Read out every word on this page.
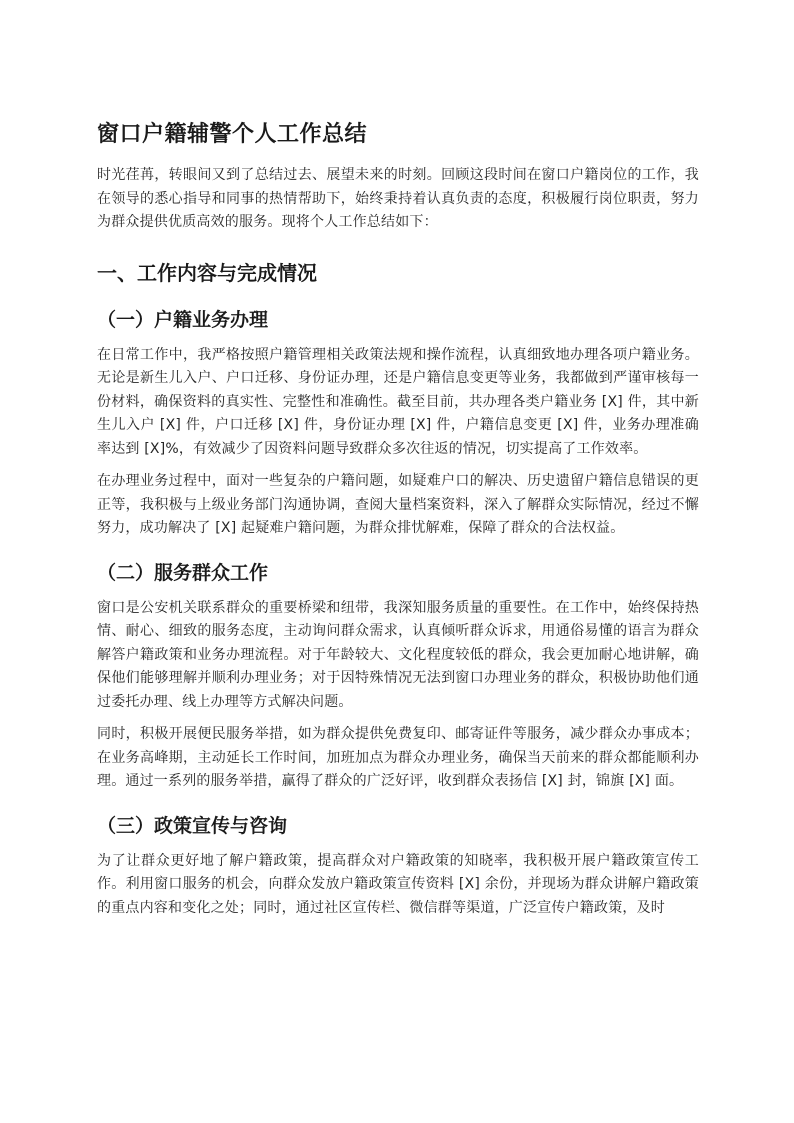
窗口户籍辅警个人工作总结

时光荏苒，转眼间又到了总结过去、展望未来的时刻。回顾这段时间在窗口户籍岗位的工作，我在领导的悉心指导和同事的热情帮助下，始终秉持着认真负责的态度，积极履行岗位职责，努力为群众提供优质高效的服务。现将个人工作总结如下：

一、工作内容与完成情况
（一）户籍业务办理

在日常工作中，我严格按照户籍管理相关政策法规和操作流程，认真细致地办理各项户籍业务。无论是新生儿入户、户口迁移、身份证办理，还是户籍信息变更等业务，我都做到严谨审核每一份材料，确保资料的真实性、完整性和准确性。截至目前，共办理各类户籍业务 [X] 件，其中新生儿入户 [X] 件，户口迁移 [X] 件，身份证办理 [X] 件，户籍信息变更 [X] 件，业务办理准确率达到 [X]%，有效减少了因资料问题导致群众多次往返的情况，切实提高了工作效率。

在办理业务过程中，面对一些复杂的户籍问题，如疑难户口的解决、历史遗留户籍信息错误的更正等，我积极与上级业务部门沟通协调，查阅大量档案资料，深入了解群众实际情况，经过不懈努力，成功解决了 [X] 起疑难户籍问题，为群众排忧解难，保障了群众的合法权益。

（二）服务群众工作

窗口是公安机关联系群众的重要桥梁和纽带，我深知服务质量的重要性。在工作中，始终保持热情、耐心、细致的服务态度，主动询问群众需求，认真倾听群众诉求，用通俗易懂的语言为群众解答户籍政策和业务办理流程。对于年龄较大、文化程度较低的群众，我会更加耐心地讲解，确保他们能够理解并顺利办理业务；对于因特殊情况无法到窗口办理业务的群众，积极协助他们通过委托办理、线上办理等方式解决问题。

同时，积极开展便民服务举措，如为群众提供免费复印、邮寄证件等服务，减少群众办事成本；在业务高峰期，主动延长工作时间，加班加点为群众办理业务，确保当天前来的群众都能顺利办理。通过一系列的服务举措，赢得了群众的广泛好评，收到群众表扬信 [X] 封，锦旗 [X] 面。

（三）政策宣传与咨询

为了让群众更好地了解户籍政策，提高群众对户籍政策的知晓率，我积极开展户籍政策宣传工作。利用窗口服务的机会，向群众发放户籍政策宣传资料 [X] 余份，并现场为群众讲解户籍政策的重点内容和变化之处；同时，通过社区宣传栏、微信群等渠道，广泛宣传户籍政策，及时
